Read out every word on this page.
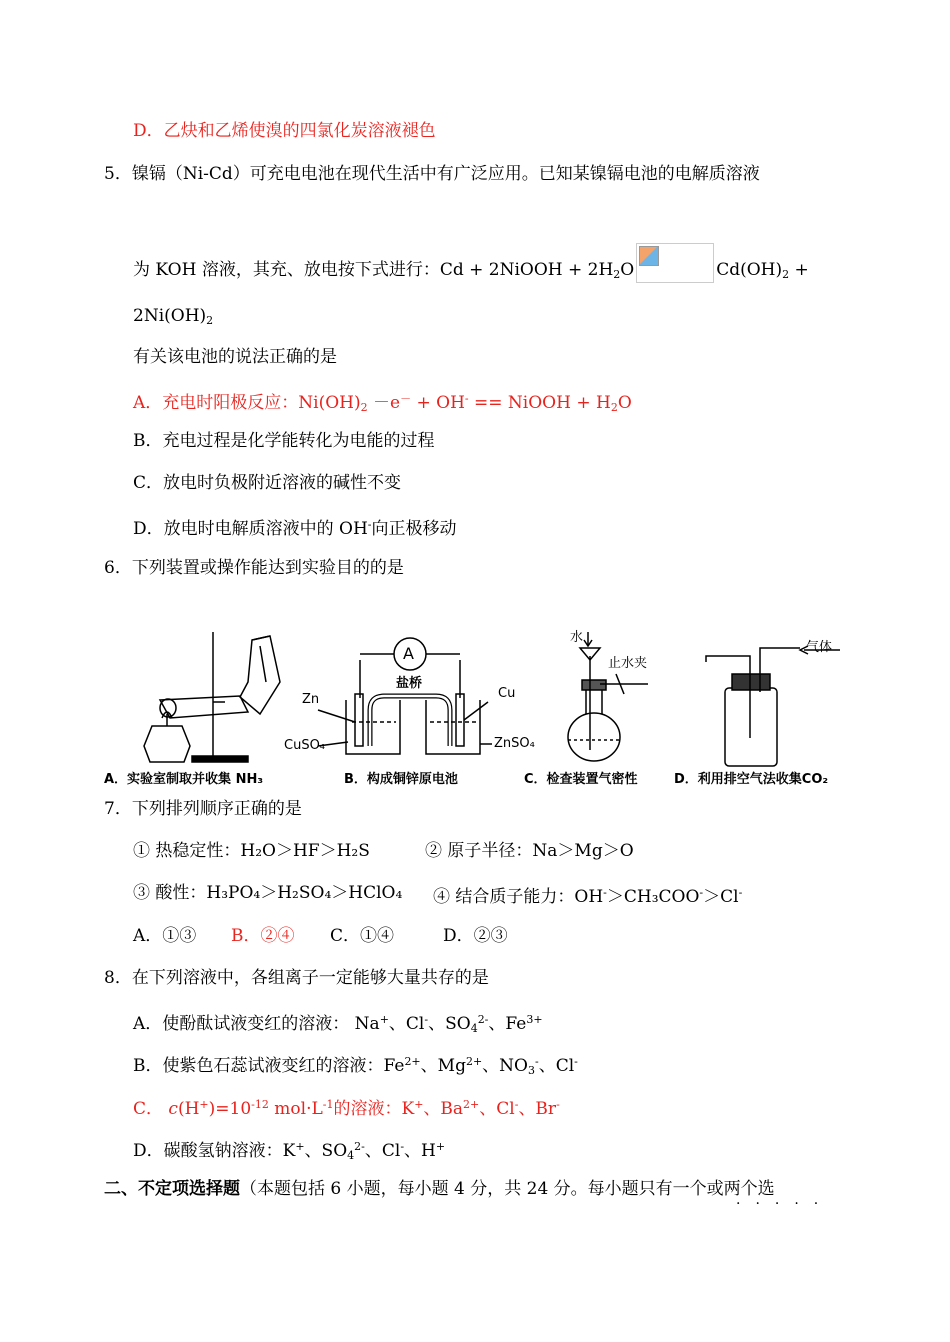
D．乙炔和乙烯使溴的四氯化炭溶液褪色
5．镍镉（Ni-Cd）可充电电池在现代生活中有广泛应用。已知某镍镉电池的电解质溶液
为 KOH 溶液，其充、放电按下式进行：Cd + 2NiOOH + $2H_2O$	$Cd(OH)_2$ +
$2Ni(OH)_2$
有关该电池的说法正确的是
A．充电时阳极反应：$Ni(OH)_2 -e^- + OH^-$ == NiOOH + $H_2O$
B．充电过程是化学能转化为电能的过程
C．放电时负极附近溶液的碱性不变
D．放电时电解质溶液中的 OH-向正极移动
6．下列装置或操作能达到实验目的的是
A
盐桥
Zn	Cu
CuSO₄	ZnSO₄
水
止水夹
气体
A．实验室制取并收集 NH₃	B．构成铜锌原电池	C．检查装置气密性	D．利用排空气法收集CO₂
7．下列排列顺序正确的是
① 热稳定性：H₂O＞HF＞H₂S	② 原子半径：Na＞Mg＞O
③ 酸性：H₃PO₄＞H₂SO₄＞HClO₄ ④ 结合质子能力：OH-＞CH₃COO-＞Cl-
A．①③ B．②④ C．①④	D．②③
8．在下列溶液中，各组离子一定能够大量共存的是
A．使酚酞试液变红的溶液： Na+、Cl-、$SO_4^{2-}$、$Fe^{3+}$
B．使紫色石蕊试液变红的溶液：$Fe^{2+}$、$Mg^{2+}$、$NO_3^-$、Cl-
C． $c(H^+)=10^{-12}$ $mol\cdot L^{-1}$的溶液：K+、$Ba^{2+}$、Cl-、Br-
D．碳酸氢钠溶液：K+、$SO_4^{2-}$、Cl-、H+
二、不定项选择题（本题包括 6 小题，每小题 4 分，共 24 分。每小题只有一个或两个选
·····
